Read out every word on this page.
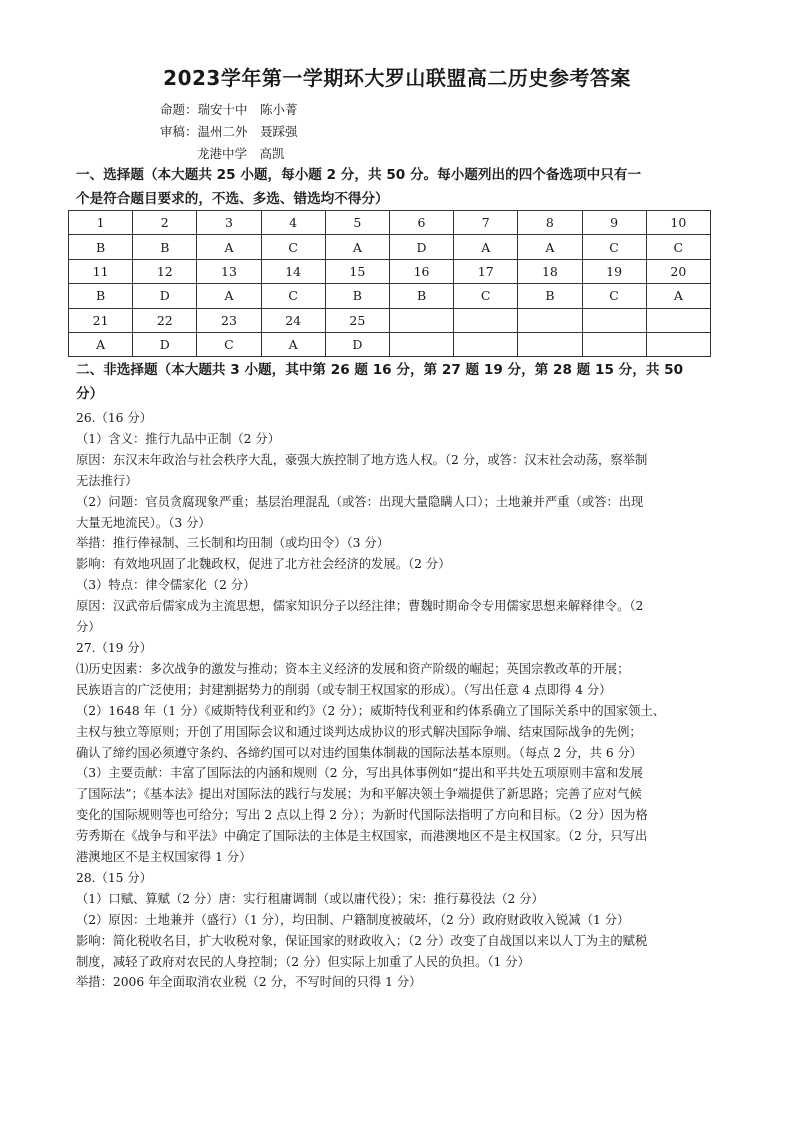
2023学年第一学期环大罗山联盟高二历史参考答案
命题：瑞安十中　陈小菁
审稿：温州二外　聂踩强
龙港中学　高凯
一、选择题（本大题共 25 小题，每小题 2 分，共 50 分。每小题列出的四个备选项中只有一
个是符合题目要求的，不选、多选、错选均不得分）
1	2	3	4	5	6	7	8	9	10
B	B	A	C	A	D	A	A	C	C
11	12	13	14	15	16	17	18	19	20
B	D	A	C	B	B	C	B	C	A
21	22	23	24	25					
A	D	C	A	D					
二、非选择题（本大题共 3 小题，其中第 26 题 16 分，第 27 题 19 分，第 28 题 15 分，共 50
分）

26.（16 分）

（1）含义：推行九品中正制（2 分）

原因：东汉末年政治与社会秩序大乱，豪强大族控制了地方选人权。（2 分，或答：汉末社会动荡，察举制

无法推行）

（2）问题：官员贪腐现象严重；基层治理混乱（或答：出现大量隐瞒人口）；土地兼并严重（或答：出现

大量无地流民）。（3 分）

举措：推行俸禄制、三长制和均田制（或均田令）（3 分）

影响：有效地巩固了北魏政权，促进了北方社会经济的发展。（2 分）

（3）特点：律令儒家化（2 分）

原因：汉武帝后儒家成为主流思想，儒家知识分子以经注律；曹魏时期命令专用儒家思想来解释律令。（2

分）

27.（19 分）

⑴历史因素：多次战争的激发与推动；资本主义经济的发展和资产阶级的崛起；英国宗教改革的开展；

民族语言的广泛使用；封建割据势力的削弱（或专制王权国家的形成）。（写出任意 4 点即得 4 分）

（2）1648 年（1 分）《威斯特伐利亚和约》（2 分）；威斯特伐利亚和约体系确立了国际关系中的国家领土、

主权与独立等原则；开创了用国际会议和通过谈判达成协议的形式解决国际争端、结束国际战争的先例；

确认了缔约国必须遵守条约、各缔约国可以对违约国集体制裁的国际法基本原则。（每点 2 分，共 6 分）

（3）主要贡献：丰富了国际法的内涵和规则（2 分，写出具体事例如“提出和平共处五项原则丰富和发展

了国际法”；《基本法》提出对国际法的践行与发展；为和平解决领土争端提供了新思路；完善了应对气候

变化的国际规则等也可给分；写出 2 点以上得 2 分）；为新时代国际法指明了方向和目标。（2 分）因为格

劳秀斯在《战争与和平法》中确定了国际法的主体是主权国家，而港澳地区不是主权国家。（2 分，只写出

港澳地区不是主权国家得 1 分）

28.（15 分）

（1）口赋、算赋（2 分）唐：实行租庸调制（或以庸代役）；宋：推行募役法（2 分）

（2）原因：土地兼并（盛行）（1 分），均田制、户籍制度被破坏，（2 分）政府财政收入锐减（1 分）

影响：简化税收名目，扩大收税对象，保证国家的财政收入；（2 分）改变了自战国以来以人丁为主的赋税

制度，减轻了政府对农民的人身控制；（2 分）但实际上加重了人民的负担。（1 分）

举措：2006 年全面取消农业税（2 分，不写时间的只得 1 分）
